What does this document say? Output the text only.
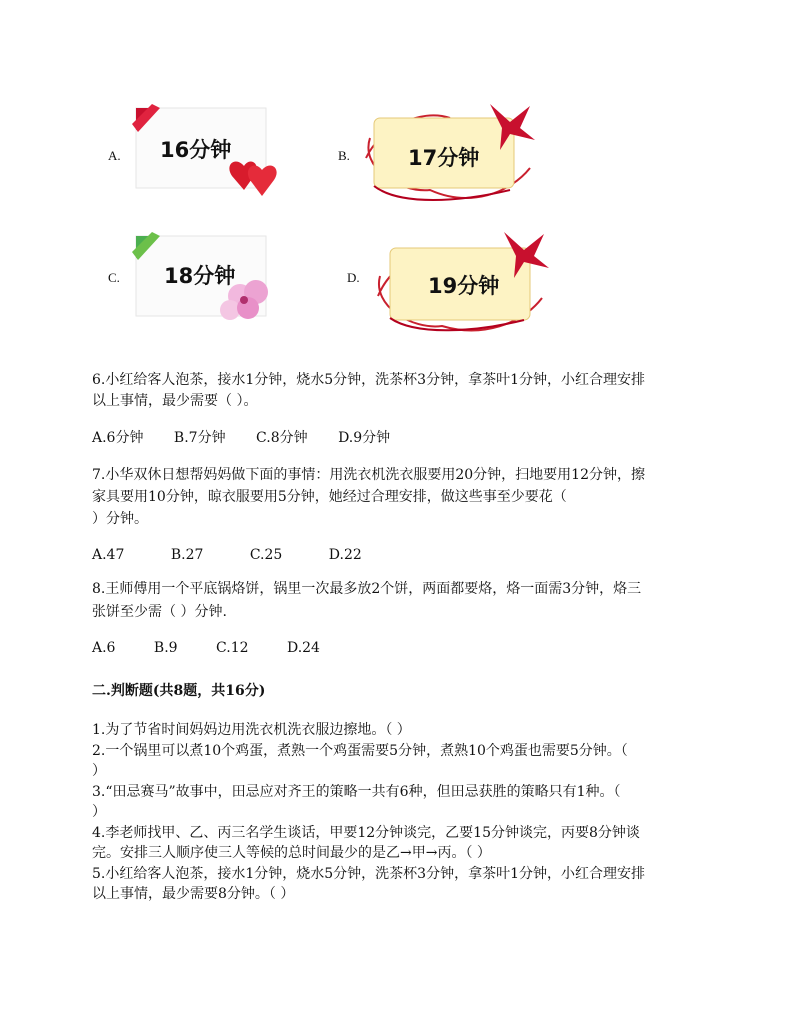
A. 16分钟	B.	17分钟
C. 18分钟	D.	19分钟
6.小红给客人泡茶，接水1分钟，烧水5分钟，洗茶杯3分钟，拿茶叶1分钟，小红合理安排
以上事情，最少需要（ ）。
A.6分钟 B.7分钟 C.8分钟 D.9分钟
7.小华双休日想帮妈妈做下面的事情：用洗衣机洗衣服要用20分钟，扫地要用12分钟，擦
家具要用10分钟，晾衣服要用5分钟，她经过合理安排，做这些事至少要花（
）分钟。
A.47	B.27	C.25	D.22
8.王师傅用一个平底锅烙饼，锅里一次最多放2个饼，两面都要烙，烙一面需3分钟，烙三
张饼至少需（ ）分钟.
A.6	B.9	C.12	D.24
二.判断题(共8题，共16分)
1.为了节省时间妈妈边用洗衣机洗衣服边擦地。（ ）
2.一个锅里可以煮10个鸡蛋，煮熟一个鸡蛋需要5分钟，煮熟10个鸡蛋也需要5分钟。（
）
3.“田忌赛马”故事中，田忌应对齐王的策略一共有6种，但田忌获胜的策略只有1种。（
）
4.李老师找甲、乙、丙三名学生谈话，甲要12分钟谈完，乙要15分钟谈完，丙要8分钟谈
完。安排三人顺序使三人等候的总时间最少的是乙→甲→丙。（ ）
5.小红给客人泡茶，接水1分钟，烧水5分钟，洗茶杯3分钟，拿茶叶1分钟，小红合理安排
以上事情，最少需要8分钟。（ ）
